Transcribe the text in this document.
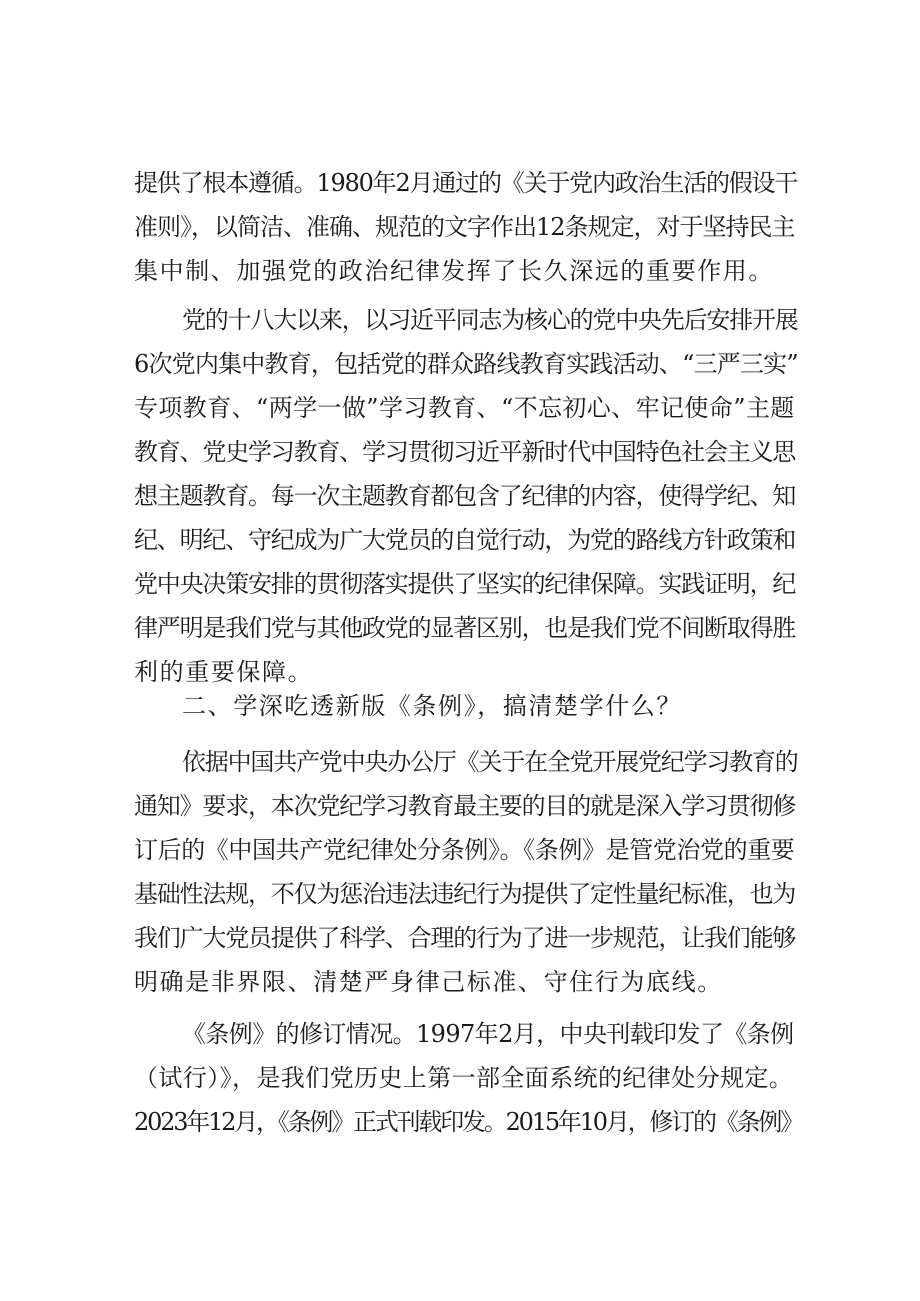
提供了根本遵循。1980年2月通过的《关于党内政治生活的假设干
准则》，以简洁、准确、规范的文字作出12条规定，对于坚持民主
集中制、加强党的政治纪律发挥了长久深远的重要作用。
党的十八大以来，以习近平同志为核心的党中央先后安排开展
6次党内集中教育，包括党的群众路线教育实践活动、“三严三实”
专项教育、“两学一做”学习教育、“不忘初心、牢记使命”主题
教育、党史学习教育、学习贯彻习近平新时代中国特色社会主义思
想主题教育。每一次主题教育都包含了纪律的内容，使得学纪、知
纪、明纪、守纪成为广大党员的自觉行动，为党的路线方针政策和
党中央决策安排的贯彻落实提供了坚实的纪律保障。实践证明，纪
律严明是我们党与其他政党的显著区别，也是我们党不间断取得胜
利的重要保障。
二、学深吃透新版《条例》，搞清楚学什么？
依据中国共产党中央办公厅《关于在全党开展党纪学习教育的
通知》要求，本次党纪学习教育最主要的目的就是深入学习贯彻修
订后的《中国共产党纪律处分条例》。《条例》是管党治党的重要
基础性法规，不仅为惩治违法违纪行为提供了定性量纪标准，也为
我们广大党员提供了科学、合理的行为了进一步规范，让我们能够
明确是非界限、清楚严身律己标准、守住行为底线。
《条例》的修订情况。1997年2月，中央刊载印发了《条例
（试行）》，是我们党历史上第一部全面系统的纪律处分规定。
2023年12月，《条例》正式刊载印发。2015年10月，修订的《条例》
